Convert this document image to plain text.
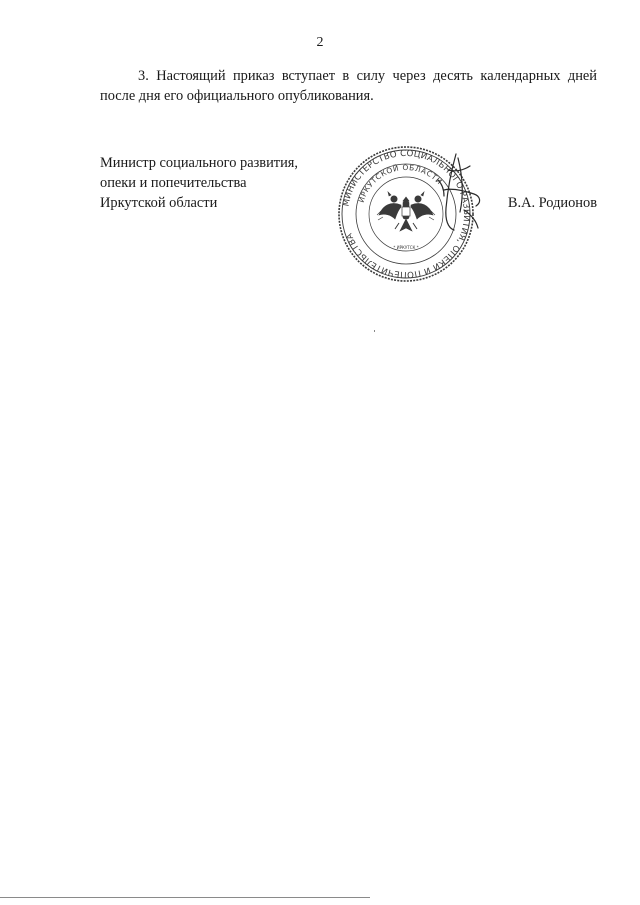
2
3. Настоящий приказ вступает в силу через десять календарных дней после дня его официального опубликования.
Министр социального развития,
опеки и попечительства
Иркутской области	МИНИСТЕРСТВО СОЦИАЛЬНОГО РАЗВИТИЯ, ОПЕКИ И ПОПЕЧИТЕЛЬСТВА
ИРКУТСКОЙ ОБЛАСТИ
* ИРКУТСК *
В.А. Родионов
